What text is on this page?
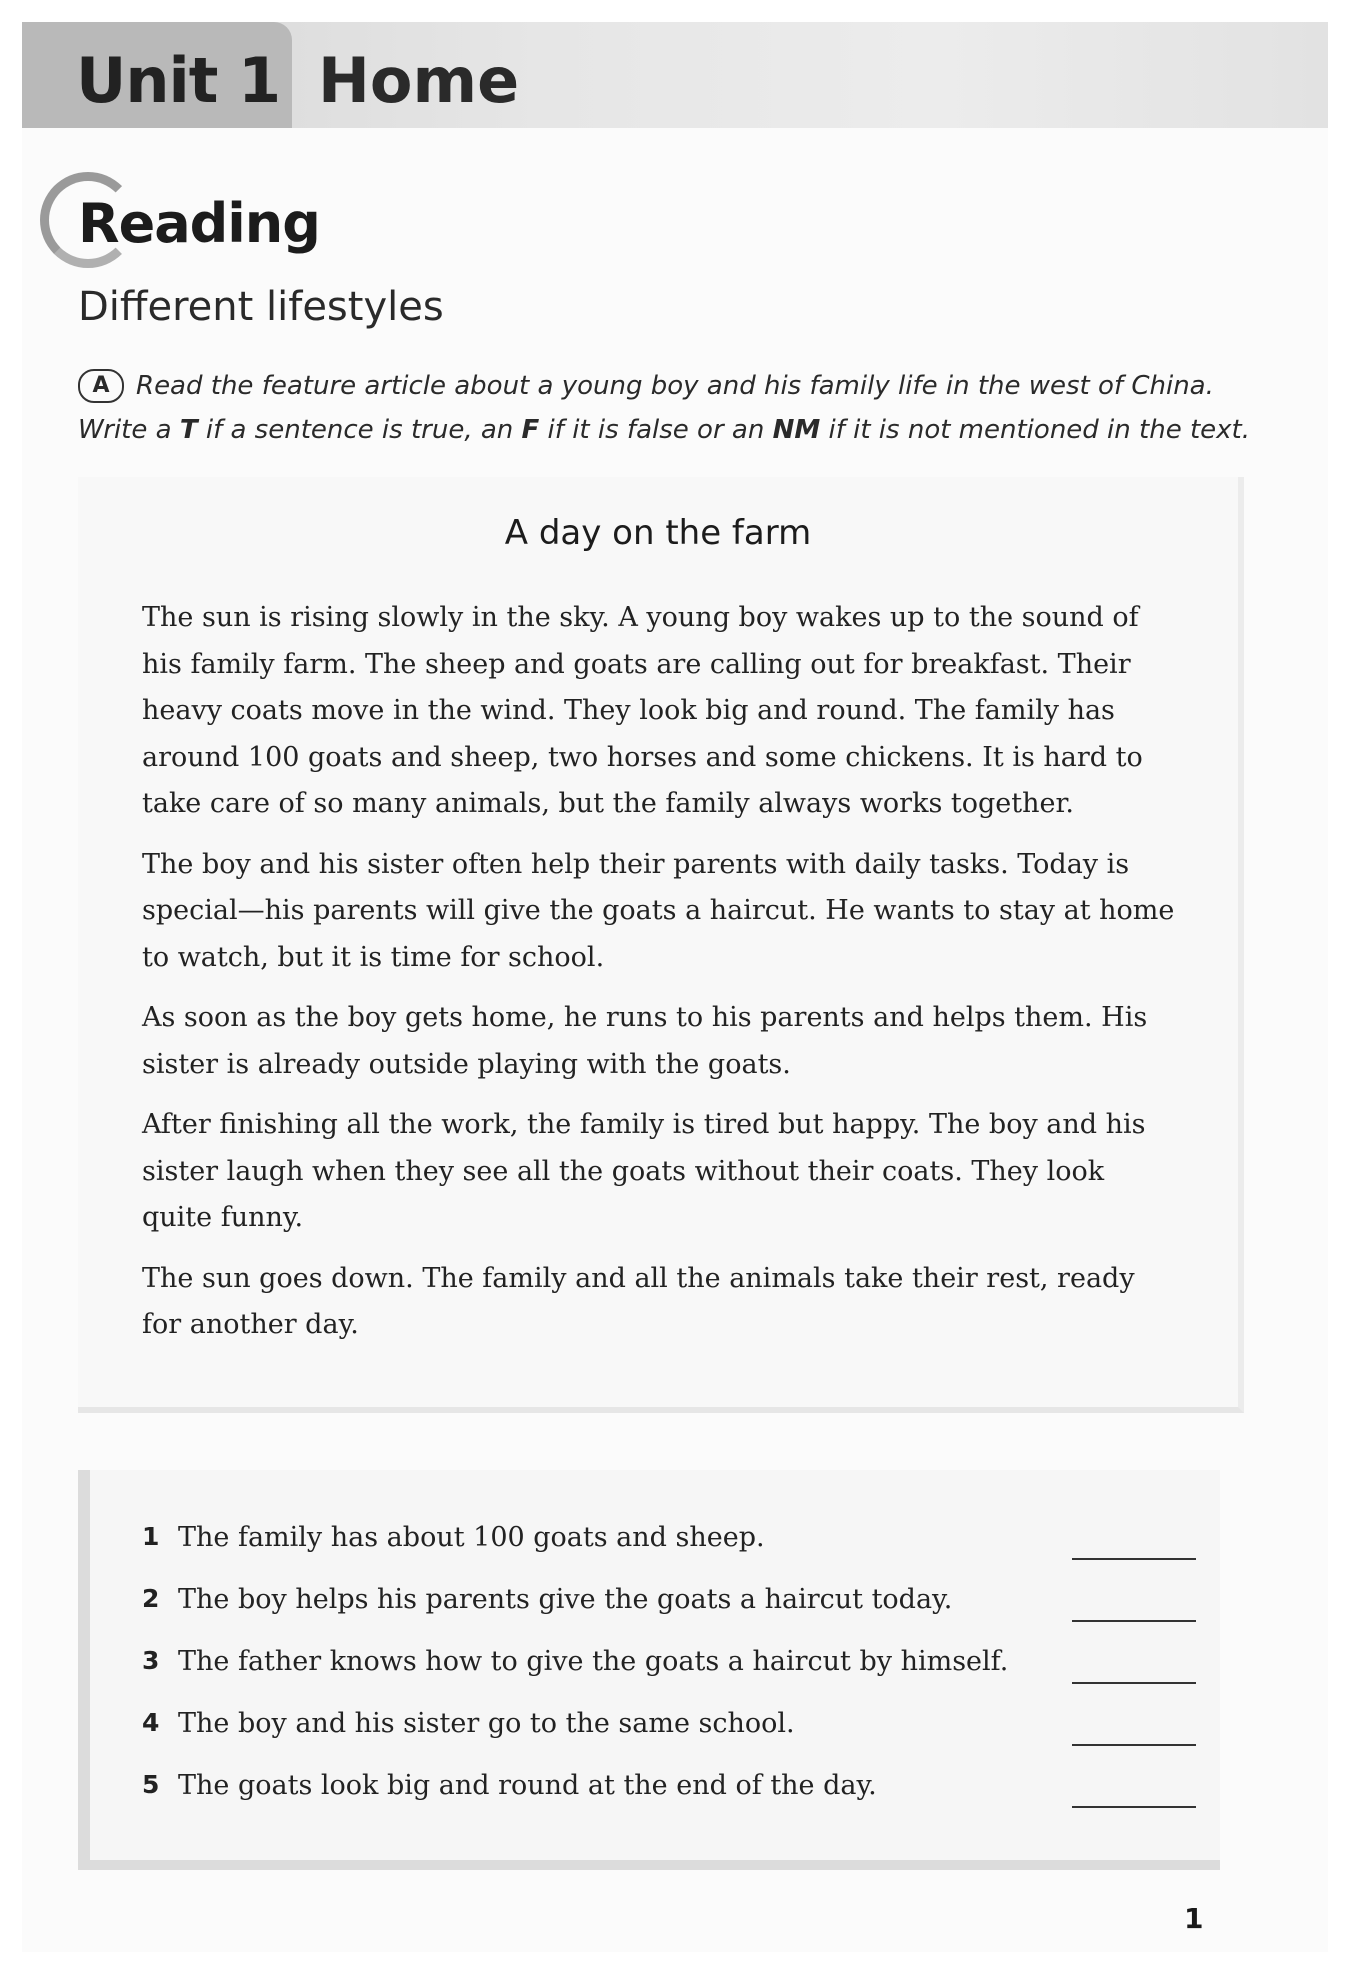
Unit 1 Home
Reading
Different lifestyles
A Read the feature article about a young boy and his family life in the west of China.
Write a T if a sentence is true, an F if it is false or an NM if it is not mentioned in the text.
A day on the farm

The sun is rising slowly in the sky. A young boy wakes up to the sound of his family farm. The sheep and goats are calling out for breakfast. Their heavy coats move in the wind. They look big and round. The family has around 100 goats and sheep, two horses and some chickens. It is hard to take care of so many animals, but the family always works together.

The boy and his sister often help their parents with daily tasks. Today is special—his parents will give the goats a haircut. He wants to stay at home to watch, but it is time for school.

As soon as the boy gets home, he runs to his parents and helps them. His sister is already outside playing with the goats.

After finishing all the work, the family is tired but happy. The boy and his sister laugh when they see all the goats without their coats. They look quite funny.

The sun goes down. The family and all the animals take their rest, ready for another day.

1 The family has about 100 goats and sheep.
2 The boy helps his parents give the goats a haircut today.
3 The father knows how to give the goats a haircut by himself.
4 The boy and his sister go to the same school.
5 The goats look big and round at the end of the day.
1
